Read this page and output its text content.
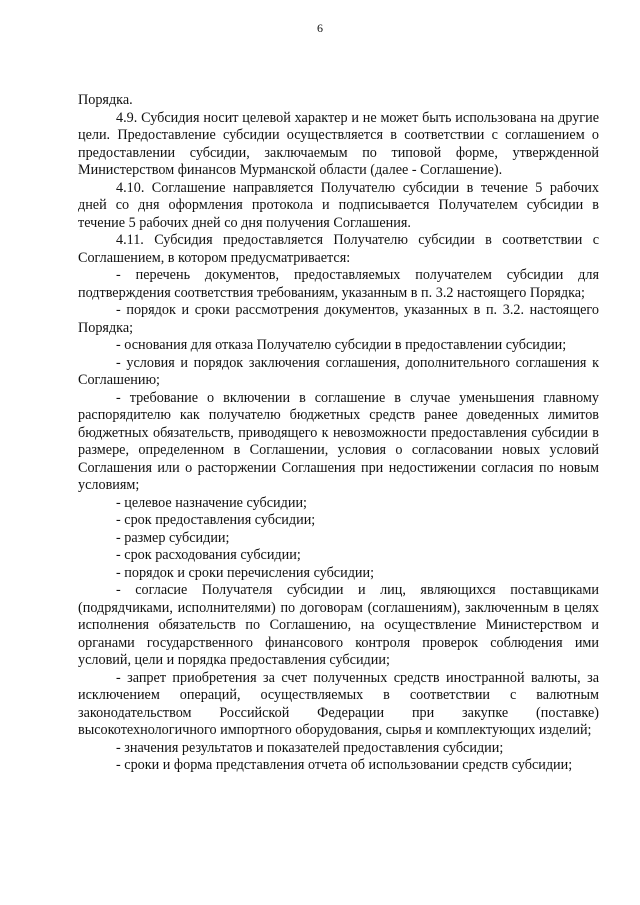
6

Порядка.

4.9. Субсидия носит целевой характер и не может быть использована на другие цели. Предоставление субсидии осуществляется в соответствии с соглашением о предоставлении субсидии, заключаемым по типовой форме, утвержденной Министерством финансов Мурманской области (далее - Соглашение).

4.10. Соглашение направляется Получателю субсидии в течение 5 рабочих дней со дня оформления протокола и подписывается Получателем субсидии в течение 5 рабочих дней со дня получения Соглашения.

4.11. Субсидия предоставляется Получателю субсидии в соответствии с Соглашением, в котором предусматривается:

- перечень документов, предоставляемых получателем субсидии для подтверждения соответствия требованиям, указанным в п. 3.2 настоящего Порядка;

- порядок и сроки рассмотрения документов, указанных в п. 3.2. настоящего Порядка;

- основания для отказа Получателю субсидии в предоставлении субсидии;

- условия и порядок заключения соглашения, дополнительного соглашения к Соглашению;

- требование о включении в соглашение в случае уменьшения главному распорядителю как получателю бюджетных средств ранее доведенных лимитов бюджетных обязательств, приводящего к невозможности предоставления субсидии в размере, определенном в Соглашении, условия о согласовании новых условий Соглашения или о расторжении Соглашения при недостижении согласия по новым условиям;

- целевое назначение субсидии;

- срок предоставления субсидии;

- размер субсидии;

- срок расходования субсидии;

- порядок и сроки перечисления субсидии;

- согласие Получателя субсидии и лиц, являющихся поставщиками (подрядчиками, исполнителями) по договорам (соглашениям), заключенным в целях исполнения обязательств по Соглашению, на осуществление Министерством и органами государственного финансового контроля проверок соблюдения ими условий, цели и порядка предоставления субсидии;

- запрет приобретения за счет полученных средств иностранной валюты, за исключением операций, осуществляемых в соответствии с валютным законодательством Российской Федерации при закупке (поставке) высокотехнологичного импортного оборудования, сырья и комплектующих изделий;

- значения результатов и показателей предоставления субсидии;

- сроки и форма представления отчета об использовании средств субсидии;
